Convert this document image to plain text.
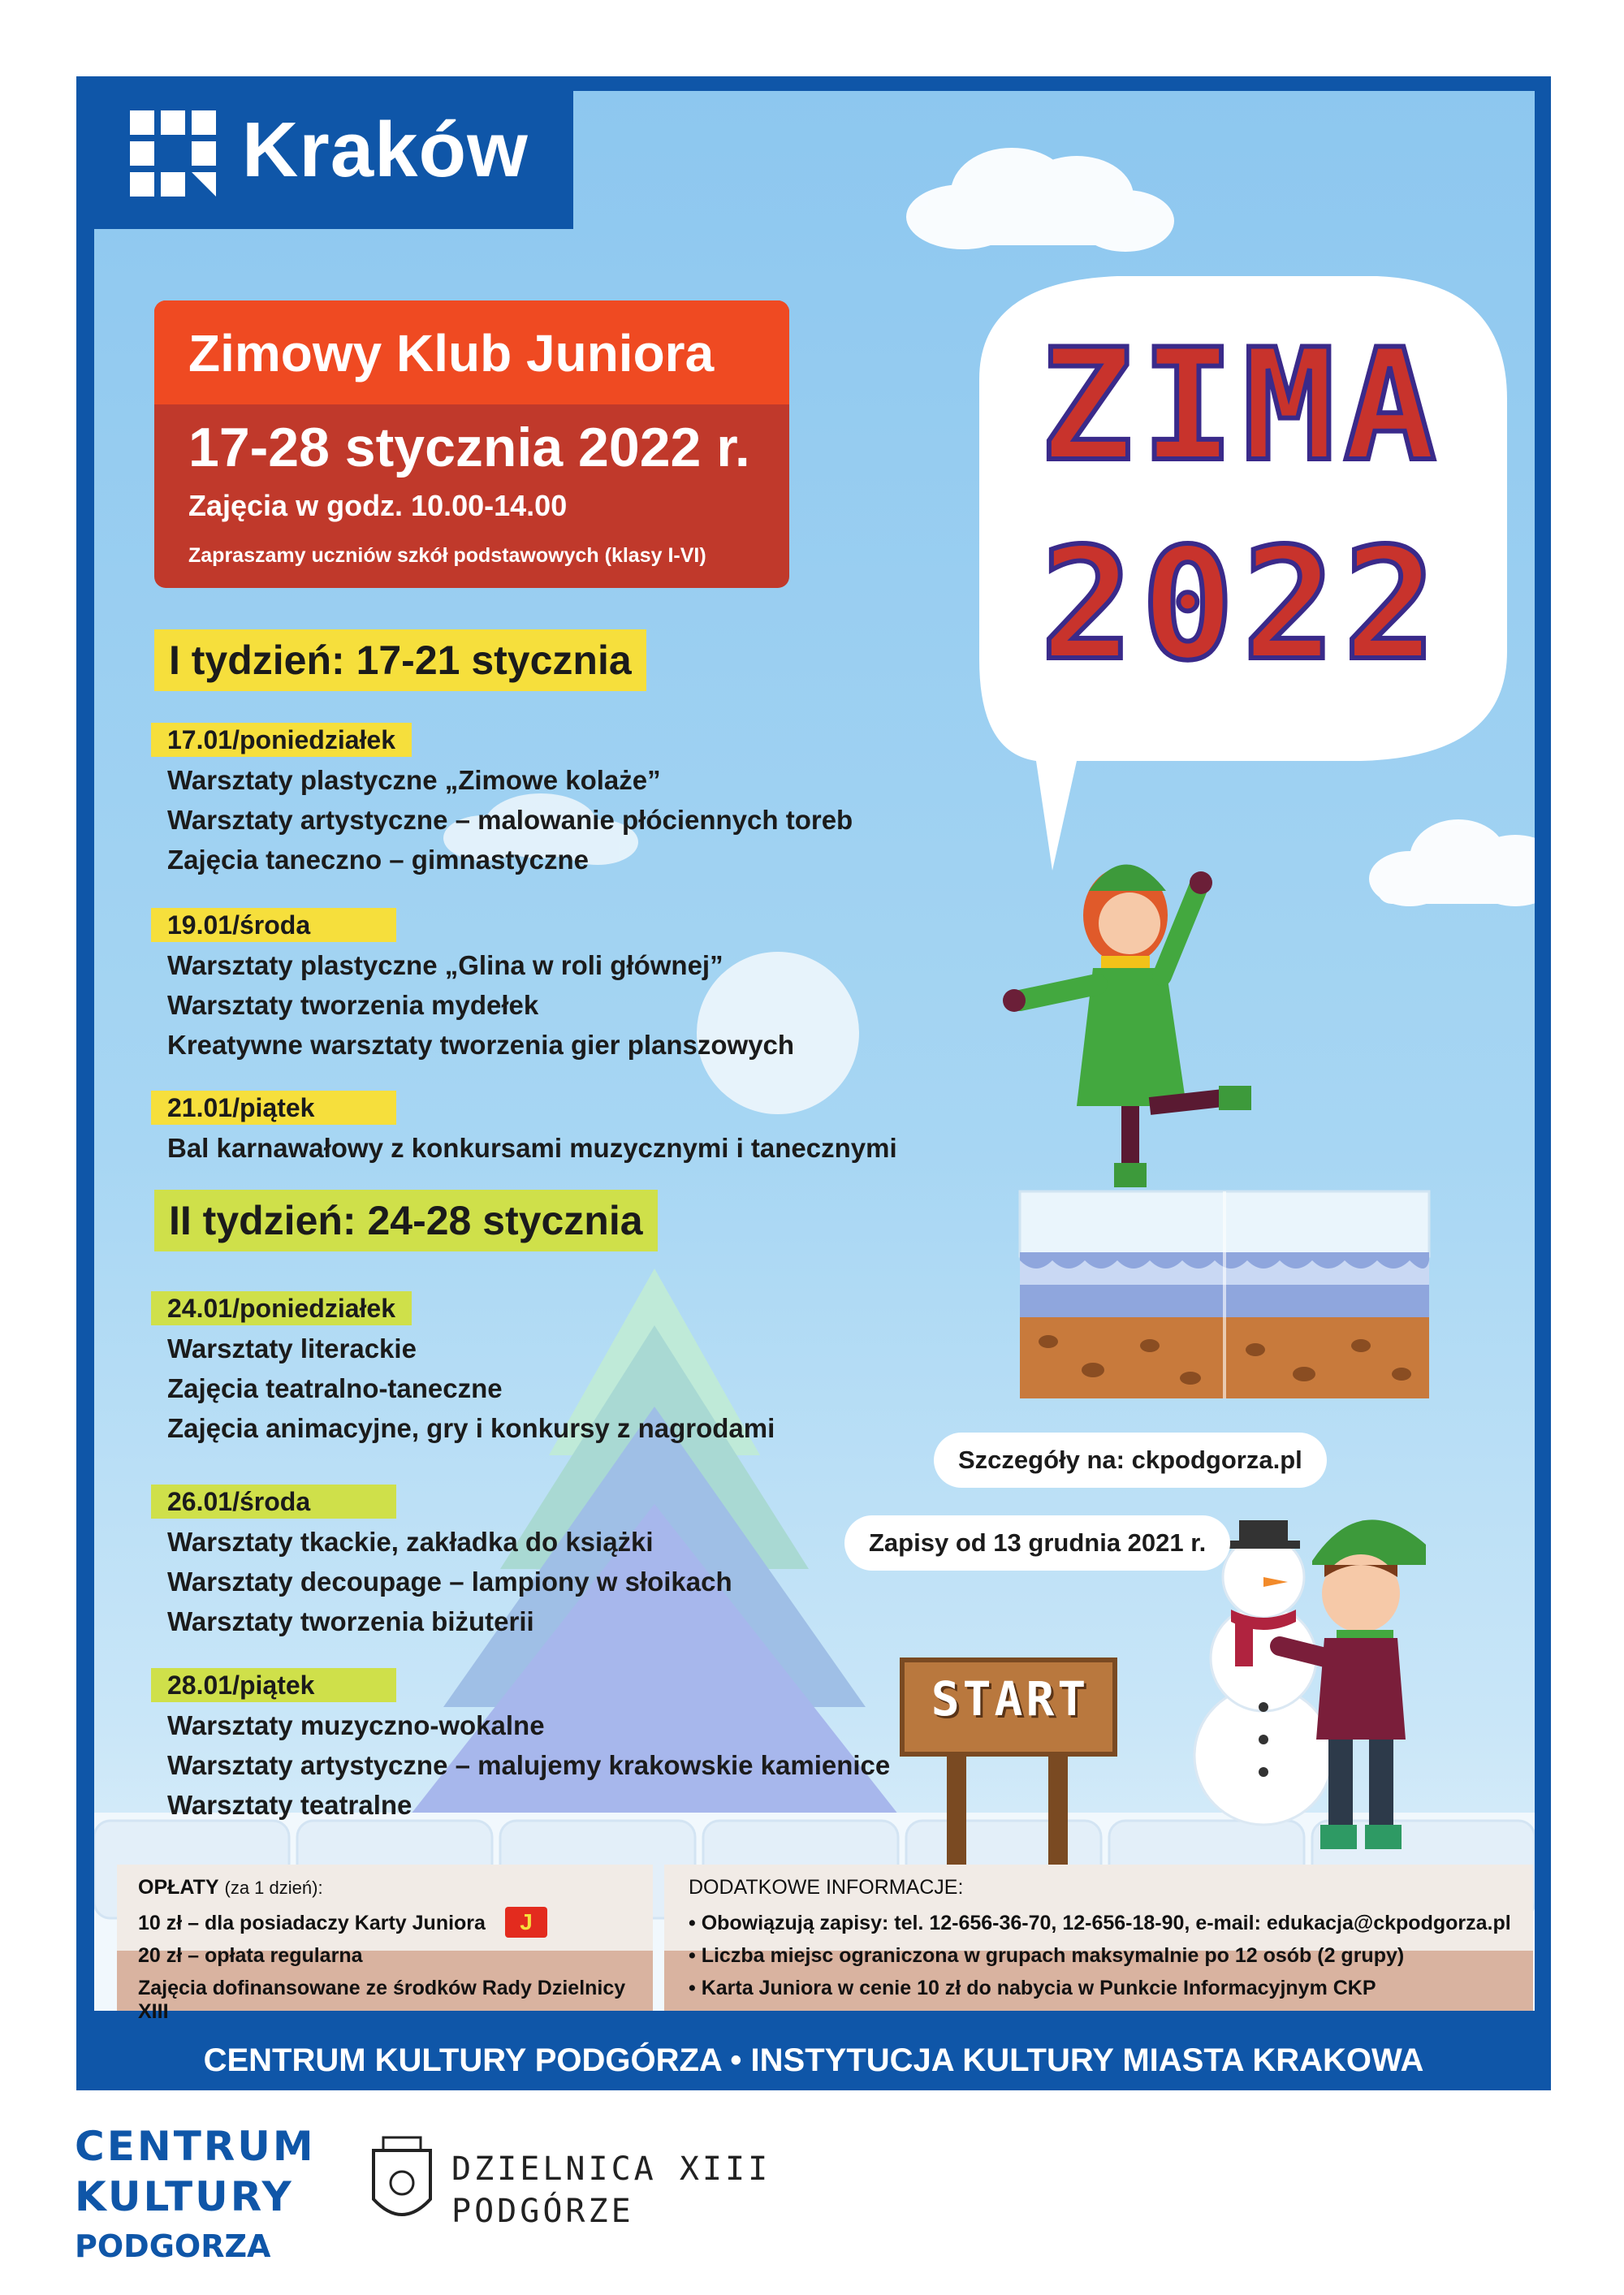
Kraków
Zimowy Klub Juniora
17-28 stycznia 2022 r.
Zajęcia w godz. 10.00-14.00
Zapraszamy uczniów szkół podstawowych (klasy I-VI)
ZIMA
2022
I tydzień: 17-21 stycznia
17.01/poniedziałek
Warsztaty plastyczne „Zimowe kolaże”
Warsztaty artystyczne – malowanie płóciennych toreb
Zajęcia taneczno – gimnastyczne
19.01/środa
Warsztaty plastyczne „Glina w roli głównej”
Warsztaty tworzenia mydełek
Kreatywne warsztaty tworzenia gier planszowych
21.01/piątek
Bal karnawałowy z konkursami muzycznymi i tanecznymi
II tydzień: 24-28 stycznia
24.01/poniedziałek
Warsztaty literackie
Zajęcia teatralno-taneczne
Zajęcia animacyjne, gry i konkursy z nagrodami
26.01/środa
Warsztaty tkackie, zakładka do książki
Warsztaty decoupage – lampiony w słoikach
Warsztaty tworzenia biżuterii
28.01/piątek
Warsztaty muzyczno-wokalne
Warsztaty artystyczne – malujemy krakowskie kamienice
Warsztaty teatralne
Szczegóły na: ckpodgorza.pl
Zapisy od 13 grudnia 2021 r.
START
OPŁATY (za 1 dzień):
10 zł – dla posiadaczy Karty Juniora	J
20 zł – opłata regularna
Zajęcia dofinansowane ze środków Rady Dzielnicy XIII
DODATKOWE INFORMACJE:
• Obowiązują zapisy: tel. 12-656-36-70, 12-656-18-90, e-mail: edukacja@ckpodgorza.pl
• Liczba miejsc ograniczona w grupach maksymalnie po 12 osób (2 grupy)
• Karta Juniora w cenie 10 zł do nabycia w Punkcie Informacyjnym CKP
CENTRUM KULTURY PODGÓRZA • INSTYTUCJA KULTURY MIASTA KRAKOWA
CENTRUM
KULTURY
PODGORZA
DZIELNICA XIII
PODGÓRZE
